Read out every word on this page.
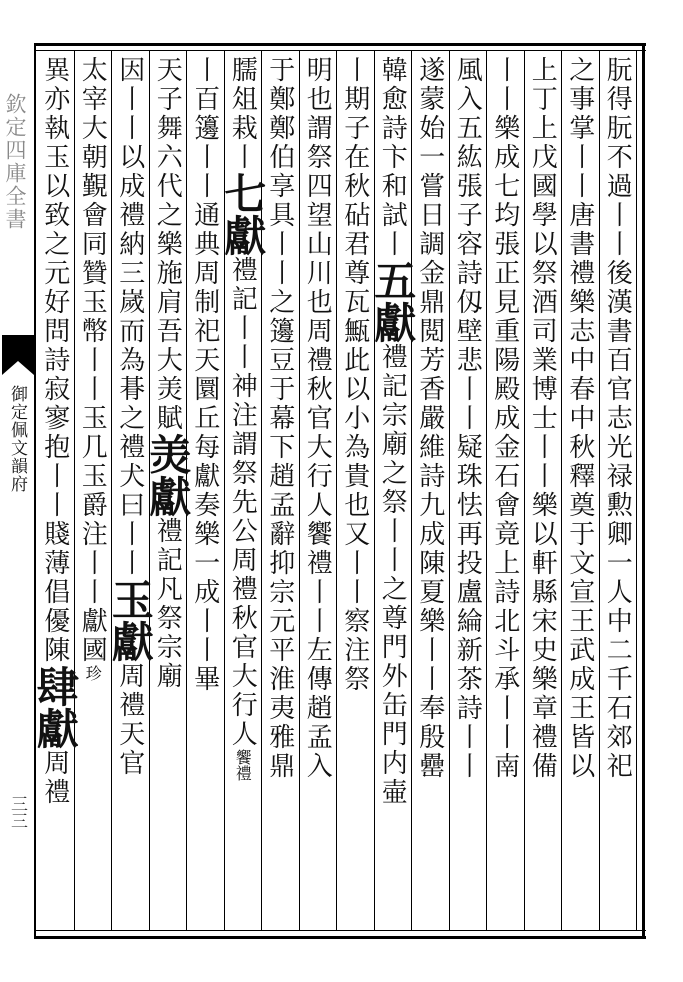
欽定四庫全書
御定佩文韻府
三三
朊得朊不過丨丨後漢書百官志光禄勲卿一人中二千石郊祀
之事掌丨丨唐書禮樂志中春中秋釋奠于文宣王武成王皆以
上丁上戊國學以祭酒司業博士丨丨樂以軒縣宋史樂章禮備
丨丨樂成七均張正見重陽殿成金石會竟上詩北斗承丨丨南
風入五紘張子容詩仭壁悲丨丨疑珠怯再投盧綸新茶詩丨丨
遂蒙始一嘗日調金鼎閲芳香嚴維詩九成陳夏樂丨丨奉殷罍
韓愈詩卞和試丨五獻禮記宗廟之祭丨丨之尊門外缶門内壷
丨期子在秋砧君尊瓦甒此以小為貴也又丨丨察注祭
明也謂祭四望山川也周禮秋官大行人饗禮丨丨左傳趙孟入
于鄭鄭伯享具丨丨之籩豆于幕下趙孟辭抑宗元平淮夷雅鼎
臑俎栽丨七獻禮記丨丨神注謂祭先公周禮秋官大行人饗禮
丨百籩丨丨通典周制祀天圜丘每獻奏樂一成丨丨畢
天子舞六代之樂施肩吾大羙賦羙獻禮記凡祭宗廟
因丨丨以成禮納三嵗而為朞之禮犬曰丨丨玉獻周禮天官
太宰大朝覲會同贊玉幣丨丨玉几玉爵注丨丨獻國珍
異亦執玉以致之元好問詩寂寥抱丨丨賤薄倡優陳肆獻周禮
